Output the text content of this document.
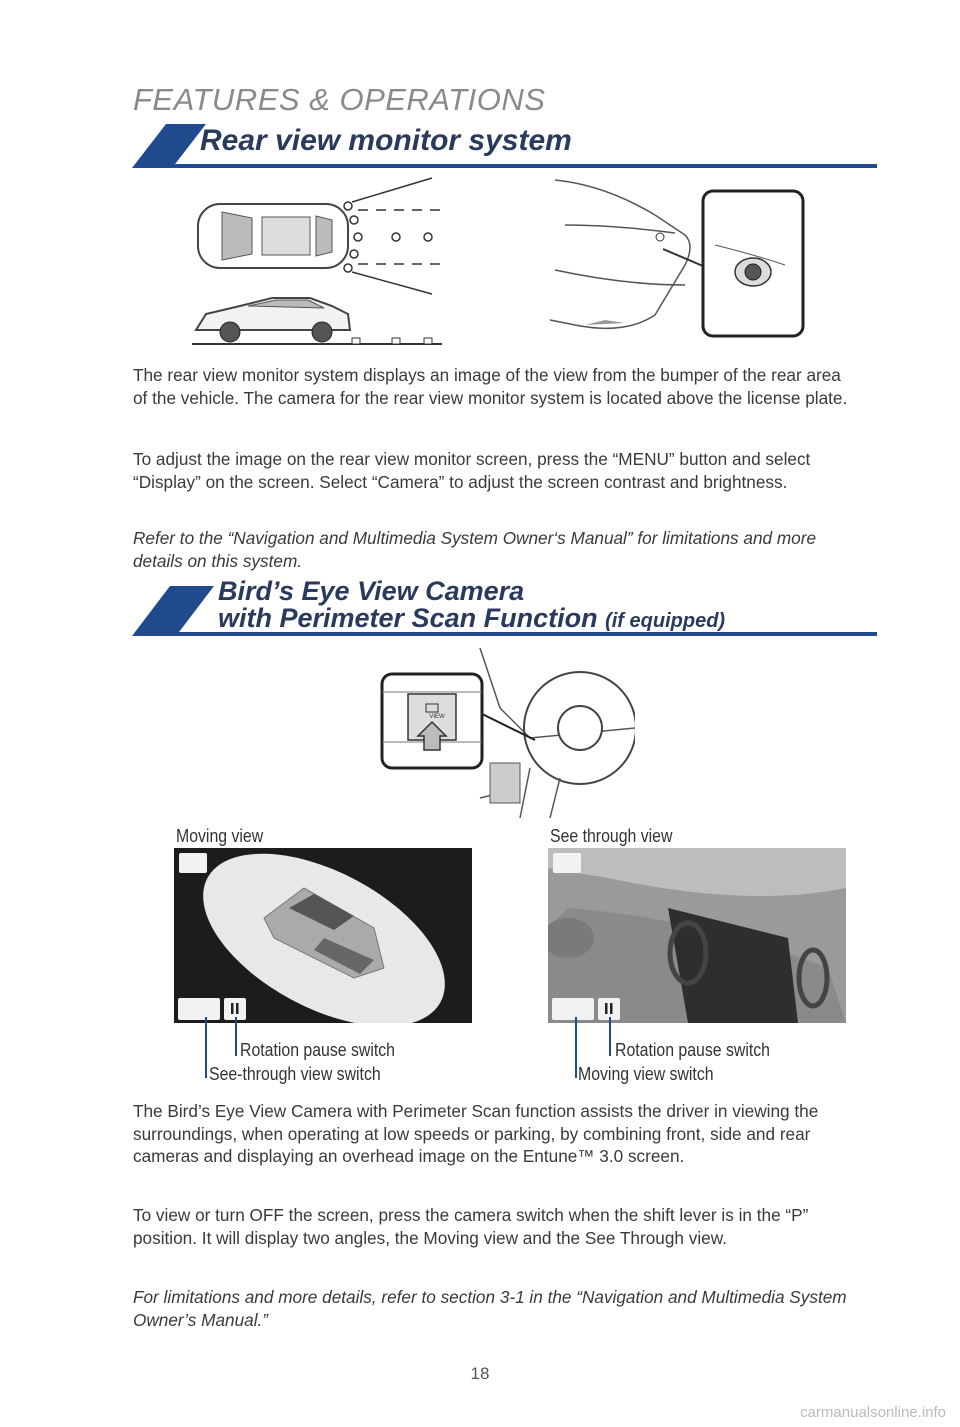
FEATURES & OPERATIONS
Rear view monitor system

The rear view monitor system displays an image of the view from the bumper of the rear area of the vehicle. The camera for the rear view monitor system is located above the license plate.

To adjust the image on the rear view monitor screen, press the “MENU” button and select “Display” on the screen. Select “Camera” to adjust the screen contrast and brightness.

Refer to the “Navigation and Multimedia System Owner‘s Manual” for limitations and more details on this system.

Bird’s Eye View Camera
with Perimeter Scan Function (if equipped)
VIEW
Moving view
Rotation pause switch
See-through view switch
See through view
Rotation pause switch
Moving view switch

The Bird’s Eye View Camera with Perimeter Scan function assists the driver in viewing the surroundings, when operating at low speeds or parking, by combining front, side and rear cameras and displaying an overhead image on the Entune™ 3.0 screen.

To view or turn OFF the screen, press the camera switch when the shift lever is in the “P” position. It will display two angles, the Moving view and the See Through view.

For limitations and more details, refer to section 3-1 in the “Navigation and Multimedia System Owner’s Manual.”

18
carmanualsonline.info
